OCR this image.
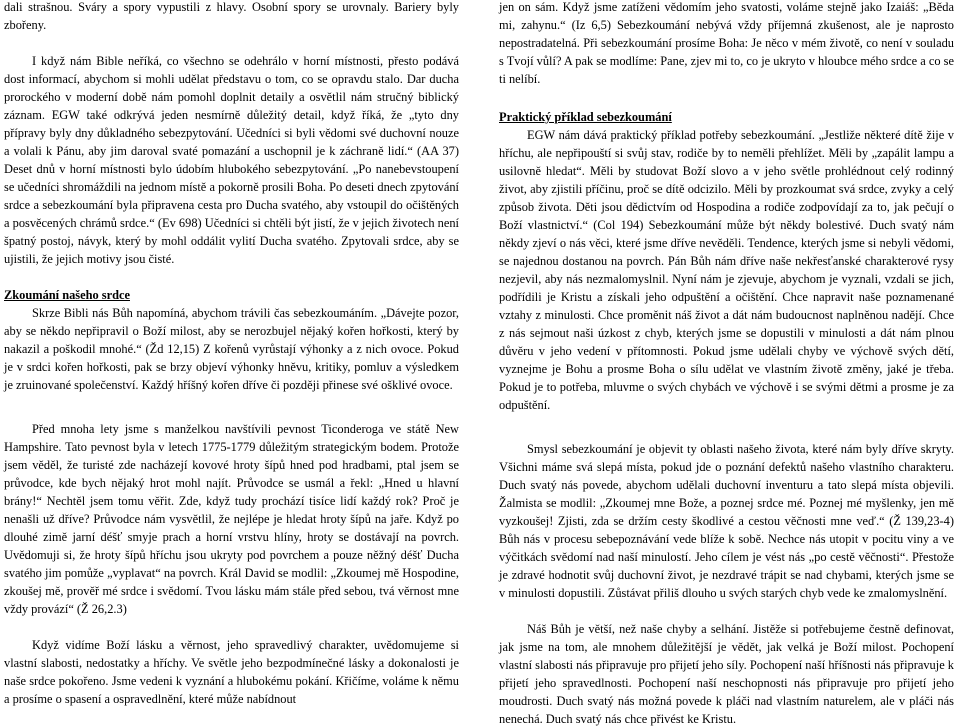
dali strašnou. Sváry a spory vypustili z hlavy. Osobní spory se urovnaly. Bariery byly zbořeny.

I když nám Bible neříká, co všechno se odehrálo v horní místnosti, přesto podává dost informací, abychom si mohli udělat představu o tom, co se opravdu stalo. Dar ducha prorockého v moderní době nám pomohl doplnit detaily a osvětlil nám stručný biblický záznam. EGW také odkrývá jeden nesmírně důležitý detail, když říká, že „tyto dny přípravy byly dny důkladného sebezpytování. Učedníci si byli vědomi své duchovní nouze a volali k Pánu, aby jim daroval svaté pomazání a uschopnil je k záchraně lidí.“ (AA 37) Deset dnů v horní místnosti bylo údobím hlubokého sebezpytování. „Po nanebevstoupení se učedníci shromáždili na jednom místě a pokorně prosili Boha. Po deseti dnech zpytování srdce a sebezkoumání byla připravena cesta pro Ducha svatého, aby vstoupil do očištěných a posvěcených chrámů srdce.“ (Ev 698) Učedníci si chtěli být jistí, že v jejich životech není špatný postoj, návyk, který by mohl oddálit vylití Ducha svatého. Zpytovali srdce, aby se ujistili, že jejich motivy jsou čisté.

Zkoumání našeho srdce

Skrze Bibli nás Bůh napomíná, abychom trávili čas sebezkoumáním. „Dávejte pozor, aby se někdo nepřipravil o Boží milost, aby se nerozbujel nějaký kořen hořkosti, který by nakazil a poškodil mnohé.“ (Žd 12,15) Z kořenů vyrůstají výhonky a z nich ovoce. Pokud je v srdci kořen hořkosti, pak se brzy objeví výhonky hněvu, kritiky, pomluv a výsledkem je zruinované společenství. Každý hříšný kořen dříve či později přinese své ošklivé ovoce.

Před mnoha lety jsme s manželkou navštívili pevnost Ticonderoga ve státě New Hampshire. Tato pevnost byla v letech 1775-1779 důležitým strategickým bodem. Protože jsem věděl, že turisté zde nacházejí kovové hroty šípů hned pod hradbami, ptal jsem se průvodce, kde bych nějaký hrot mohl najít. Průvodce se usmál a řekl: „Hned u hlavní brány!“ Nechtěl jsem tomu věřit. Zde, když tudy prochází tisíce lidí každý rok? Proč je nenašli už dříve? Průvodce nám vysvětlil, že nejlépe je hledat hroty šípů na jaře. Když po dlouhé zimě jarní déšť smyje prach a horní vrstvu hlíny, hroty se dostávají na povrch. Uvědomuji si, že hroty šípů hříchu jsou ukryty pod povrchem a pouze něžný déšť Ducha svatého jim pomůže „vyplavat“ na povrch. Král David se modlil: „Zkoumej mě Hospodine, zkoušej mě, prověř mé srdce i svědomí. Tvou lásku mám stále před sebou, tvá věrnost mne vždy provází“ (Ž 26,2.3)

Když vidíme Boží lásku a věrnost, jeho spravedlivý charakter, uvědomujeme si vlastní slabosti, nedostatky a hříchy. Ve světle jeho bezpodmínečné lásky a dokonalosti je naše srdce pokořeno. Jsme vedeni k vyznání a hlubokému pokání. Křičíme, voláme k němu a prosíme o spasení a ospravedlnění, které může nabídnout

jen on sám. Když jsme zatíženi vědomím jeho svatosti, voláme stejně jako Izaiáš: „Běda mi, zahynu.“ (Iz 6,5) Sebezkoumání nebývá vždy příjemná zkušenost, ale je naprosto nepostradatelná. Při sebezkoumání prosíme Boha: Je něco v mém životě, co není v souladu s Tvojí vůlí? A pak se modlíme: Pane, zjev mi to, co je ukryto v hloubce mého srdce a co se ti nelíbí.

Praktický příklad sebezkoumání

EGW nám dává praktický příklad potřeby sebezkoumání. „Jestliže některé dítě žije v hříchu, ale nepřipouští si svůj stav, rodiče by to neměli přehlížet. Měli by „zapálit lampu a usilovně hledat“. Měli by studovat Boží slovo a v jeho světle prohlédnout celý rodinný život, aby zjistili příčinu, proč se dítě odcizilo. Měli by prozkoumat svá srdce, zvyky a celý způsob života. Děti jsou dědictvím od Hospodina a rodiče zodpovídají za to, jak pečují o Boží vlastnictví.“ (Col 194) Sebezkoumání může být někdy bolestivé. Duch svatý nám někdy zjeví o nás věci, které jsme dříve nevěděli. Tendence, kterých jsme si nebyli vědomi, se najednou dostanou na povrch. Pán Bůh nám dříve naše nekřesťanské charakterové rysy nezjevil, aby nás nezmalomyslnil. Nyní nám je zjevuje, abychom je vyznali, vzdali se jich, podřídili je Kristu a získali jeho odpuštění a očištění. Chce napravit naše poznamenané vztahy z minulosti. Chce proměnit náš život a dát nám budoucnost naplněnou nadějí. Chce z nás sejmout naši úzkost z chyb, kterých jsme se dopustili v minulosti a dát nám plnou důvěru v jeho vedení v přítomnosti. Pokud jsme udělali chyby ve výchově svých dětí, vyznejme je Bohu a prosme Boha o sílu udělat ve vlastním životě změny, jaké je třeba. Pokud je to potřeba, mluvme o svých chybách ve výchově i se svými dětmi a prosme je za odpuštění.

Smysl sebezkoumání je objevit ty oblasti našeho života, které nám byly dříve skryty. Všichni máme svá slepá místa, pokud jde o poznání defektů našeho vlastního charakteru. Duch svatý nás povede, abychom udělali duchovní inventuru a tato slepá místa objevili. Žalmista se modlil: „Zkoumej mne Bože, a poznej srdce mé. Poznej mé myšlenky, jen mě vyzkoušej! Zjisti, zda se držím cesty škodlivé a cestou věčnosti mne veď.“ (Ž 139,23-4) Bůh nás v procesu sebepoznávání vede blíže k sobě. Nechce nás utopit v pocitu viny a ve výčitkách svědomí nad naší minulostí. Jeho cílem je vést nás „po cestě věčnosti“. Přestože je zdravé hodnotit svůj duchovní život, je nezdravé trápit se nad chybami, kterých jsme se v minulosti dopustili. Zůstávat přiliš dlouho u svých starých chyb vede ke zmalomyslnění.

Náš Bůh je větší, než naše chyby a selhání. Jistěže si potřebujeme čestně definovat, jak jsme na tom, ale mnohem důležitější je vědět, jak velká je Boží milost. Pochopení vlastní slabosti nás připravuje pro přijetí jeho síly. Pochopení naší hříšnosti nás připravuje k přijetí jeho spravedlnosti. Pochopení naší neschopnosti nás připravuje pro přijetí jeho moudrosti. Duch svatý nás možná povede k pláči nad vlastním naturelem, ale v pláči nás nenechá. Duch svatý nás chce přivést ke Kristu.
